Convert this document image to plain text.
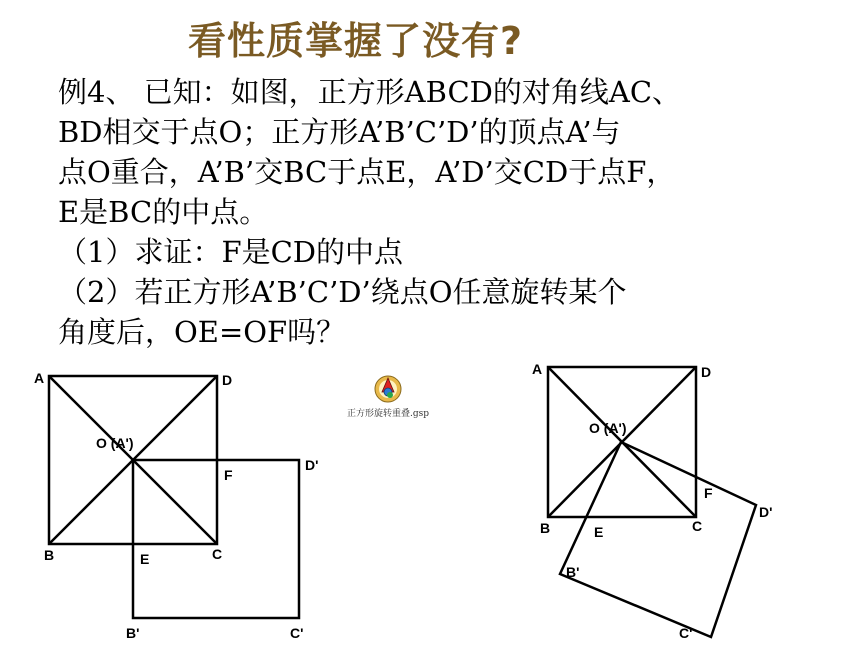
看性质掌握了没有?
例4、 已知：如图，正方形ABCD的对角线AC、
BD相交于点O；正方形A’B’C’D’的顶点A’与
点O重合，A’B’交BC于点E，A’D’交CD于点F，
E是BC的中点。
（1）求证：F是CD的中点
（2）若正方形A’B’C’D’绕点O任意旋转某个
角度后，OE=OF吗？
A	D
B	C
O (A')
F
E
D'
B'	C'
正方形旋转重叠.gsp
A	D
B	C
O (A')
F
E
D'
B'
C'
